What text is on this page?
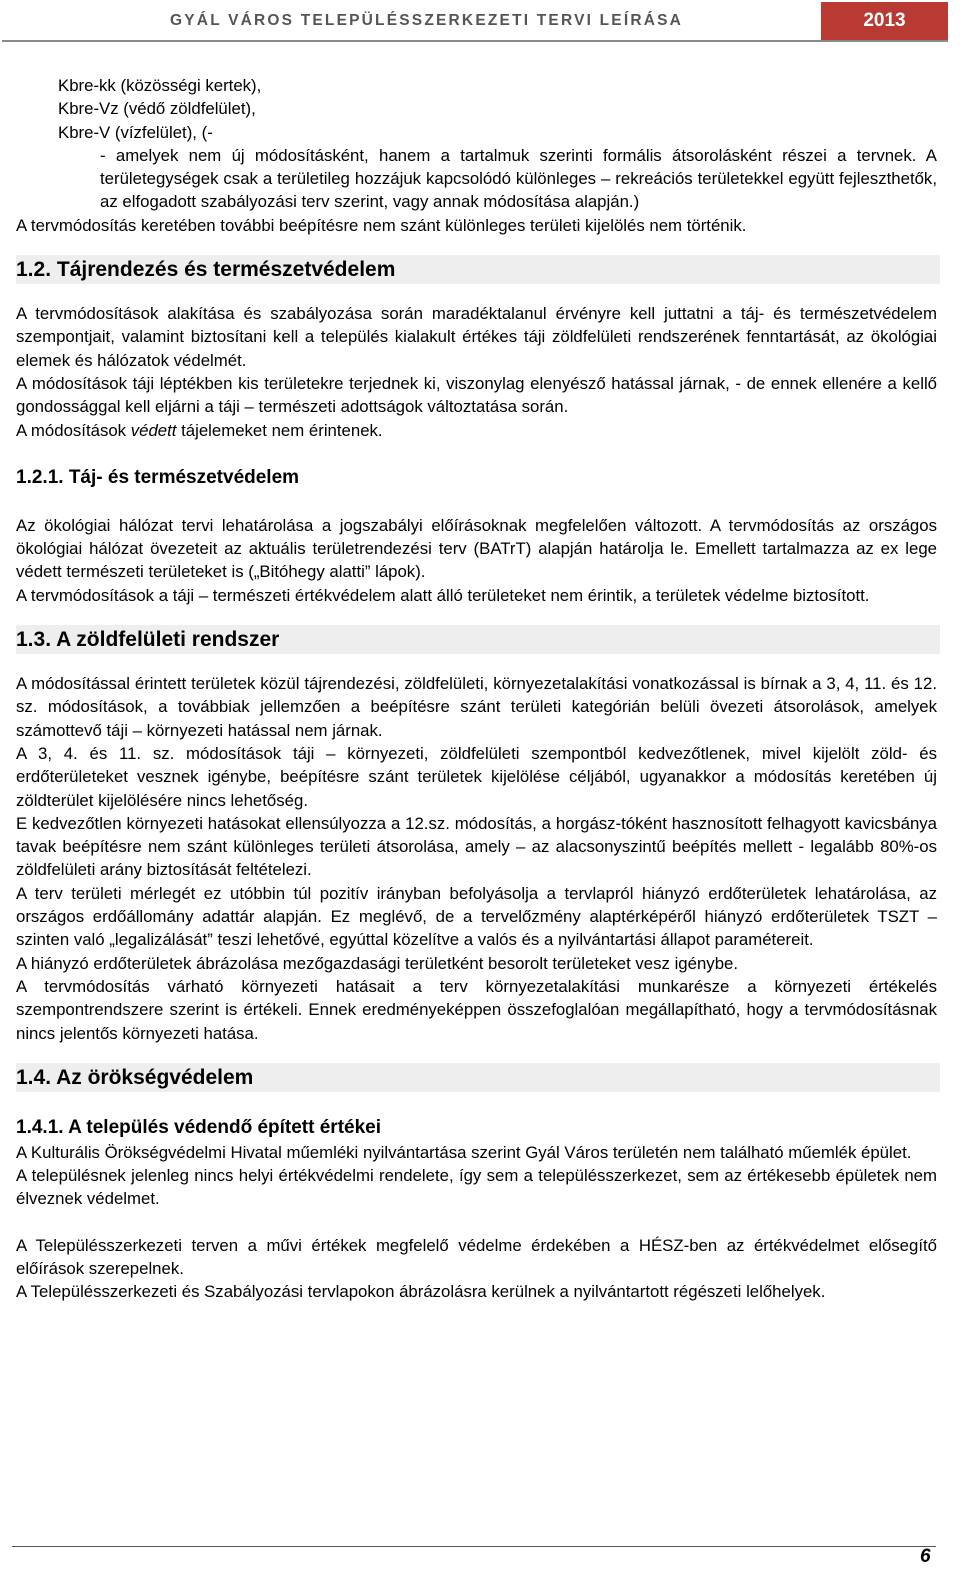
GYÁL VÁROS TELEPÜLÉSSZERKEZETI TERVI LEÍRÁSA	2013

Kbre-kk (közösségi kertek),

Kbre-Vz (védő zöldfelület),

Kbre-V (vízfelület), (-

- amelyek nem új módosításként, hanem a tartalmuk szerinti formális átsorolásként részei a tervnek. A területegységek csak a területileg hozzájuk kapcsolódó különleges – rekreációs területekkel együtt fejleszthetők, az elfogadott szabályozási terv szerint, vagy annak módosítása alapján.)

A tervmódosítás keretében további beépítésre nem szánt különleges területi kijelölés nem történik.

1.2. Tájrendezés és természetvédelem

A tervmódosítások alakítása és szabályozása során maradéktalanul érvényre kell juttatni a táj- és természetvédelem szempontjait, valamint biztosítani kell a település kialakult értékes táji zöldfelületi rendszerének fenntartását, az ökológiai elemek és hálózatok védelmét.

A módosítások táji léptékben kis területekre terjednek ki, viszonylag elenyésző hatással járnak, - de ennek ellenére a kellő gondossággal kell eljárni a táji – természeti adottságok változtatása során.

A módosítások védett tájelemeket nem érintenek.

1.2.1. Táj- és természetvédelem

Az ökológiai hálózat tervi lehatárolása a jogszabályi előírásoknak megfelelően változott. A tervmódosítás az országos ökológiai hálózat övezeteit az aktuális területrendezési terv (BATrT) alapján határolja le. Emellett tartalmazza az ex lege védett természeti területeket is („Bitóhegy alatti” lápok).

A tervmódosítások a táji – természeti értékvédelem alatt álló területeket nem érintik, a területek védelme biztosított.

1.3. A zöldfelületi rendszer

A módosítással érintett területek közül tájrendezési, zöldfelületi, környezetalakítási vonatkozással is bírnak a 3, 4, 11. és 12. sz. módosítások, a továbbiak jellemzően a beépítésre szánt területi kategórián belüli övezeti átsorolások, amelyek számottevő táji – környezeti hatással nem járnak.

A 3, 4. és 11. sz. módosítások táji – környezeti, zöldfelületi szempontból kedvezőtlenek, mivel kijelölt zöld- és erdőterületeket vesznek igénybe, beépítésre szánt területek kijelölése céljából, ugyanakkor a módosítás keretében új zöldterület kijelölésére nincs lehetőség.

E kedvezőtlen környezeti hatásokat ellensúlyozza a 12.sz. módosítás, a horgász-tóként hasznosított felhagyott kavicsbánya tavak beépítésre nem szánt különleges területi átsorolása, amely – az alacsonyszintű beépítés mellett - legalább 80%-os zöldfelületi arány biztosítását feltételezi.

A terv területi mérlegét ez utóbbin túl pozitív irányban befolyásolja a tervlapról hiányzó erdőterületek lehatárolása, az országos erdőállomány adattár alapján. Ez meglévő, de a tervelőzmény alaptérképéről hiányzó erdőterületek TSZT – szinten való „legalizálását” teszi lehetővé, egyúttal közelítve a valós és a nyilvántartási állapot paramétereit.

A hiányzó erdőterületek ábrázolása mezőgazdasági területként besorolt területeket vesz igénybe.

A tervmódosítás várható környezeti hatásait a terv környezetalakítási munkarésze a környezeti értékelés szempontrendszere szerint is értékeli. Ennek eredményeképpen összefoglalóan megállapítható, hogy a tervmódosításnak nincs jelentős környezeti hatása.

1.4. Az örökségvédelem
1.4.1. A település védendő épített értékei

A Kulturális Örökségvédelmi Hivatal műemléki nyilvántartása szerint Gyál Város területén nem található műemlék épület.

A településnek jelenleg nincs helyi értékvédelmi rendelete, így sem a településszerkezet, sem az értékesebb épületek nem élveznek védelmet.

A Településszerkezeti terven a művi értékek megfelelő védelme érdekében a HÉSZ-ben az értékvédelmet elősegítő előírások szerepelnek.

A Településszerkezeti és Szabályozási tervlapokon ábrázolásra kerülnek a nyilvántartott régészeti lelőhelyek.

6
